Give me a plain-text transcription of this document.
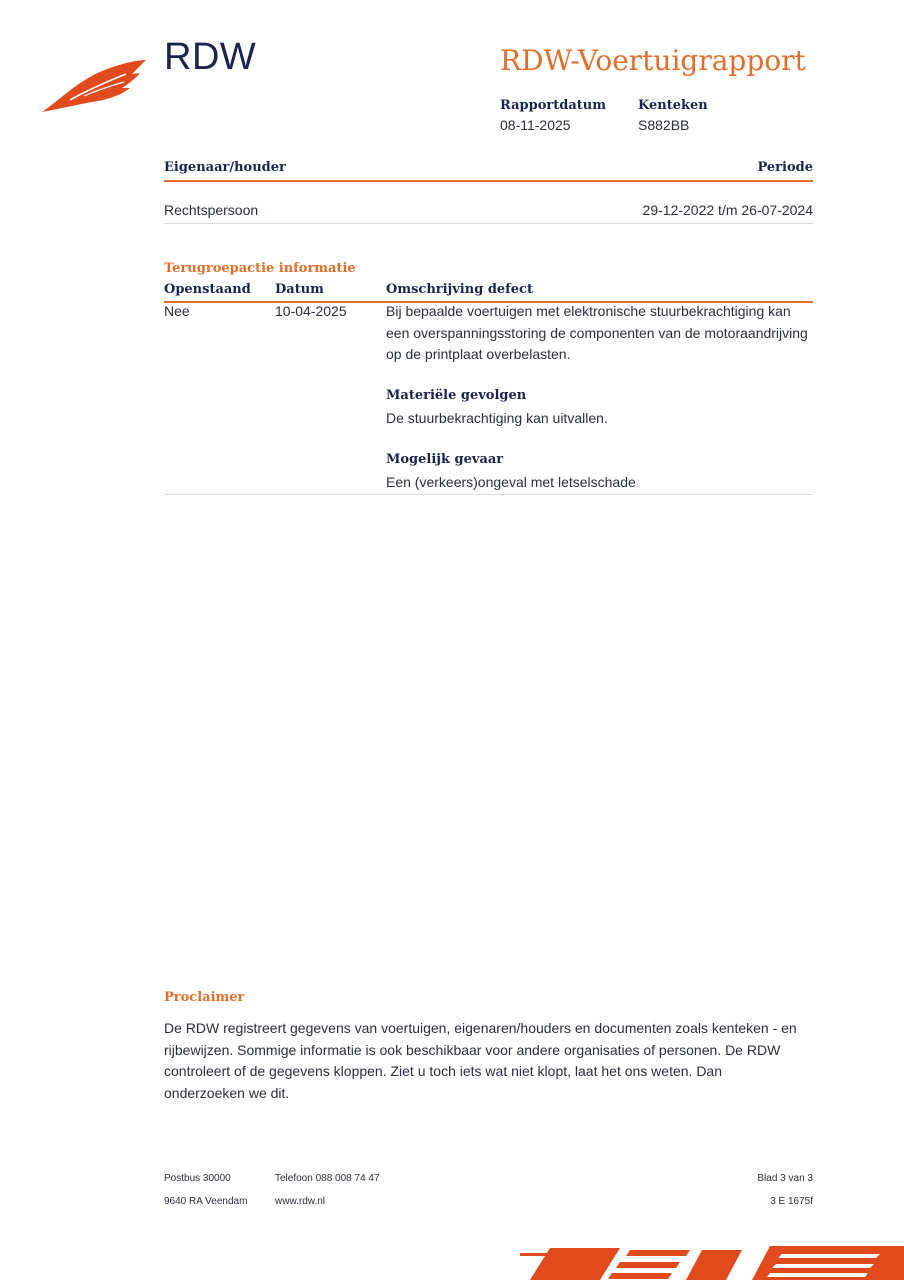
RDW	RDW-Voertuigrapport
Rapportdatum
08-11-2025
Kenteken
S882BB
Eigenaar/houder	Periode
Rechtspersoon	29-12-2022 t/m 26-07-2024
Terugroepactie informatie
Openstaand Datum	Omschrijving defect
Nee	10-04-2025	Bij bepaalde voertuigen met elektronische stuurbekrachtiging kan een overspanningsstoring de componenten van de motoraandrijving op de printplaat overbelasten.
Materiële gevolgen
De stuurbekrachtiging kan uitvallen.
Mogelijk gevaar
Een (verkeers)ongeval met letselschade
Proclaimer
De RDW registreert gegevens van voertuigen, eigenaren/houders en documenten zoals kenteken - en rijbewijzen. Sommige informatie is ook beschikbaar voor andere organisaties of personen. De RDW controleert of de gegevens kloppen. Ziet u toch iets wat niet klopt, laat het ons weten. Dan onderzoeken we dit.
Postbus 30000
9640 RA Veendam
Telefoon 088 008 74 47
www.rdw.nl
Blad 3 van 3
3 E 1675f
